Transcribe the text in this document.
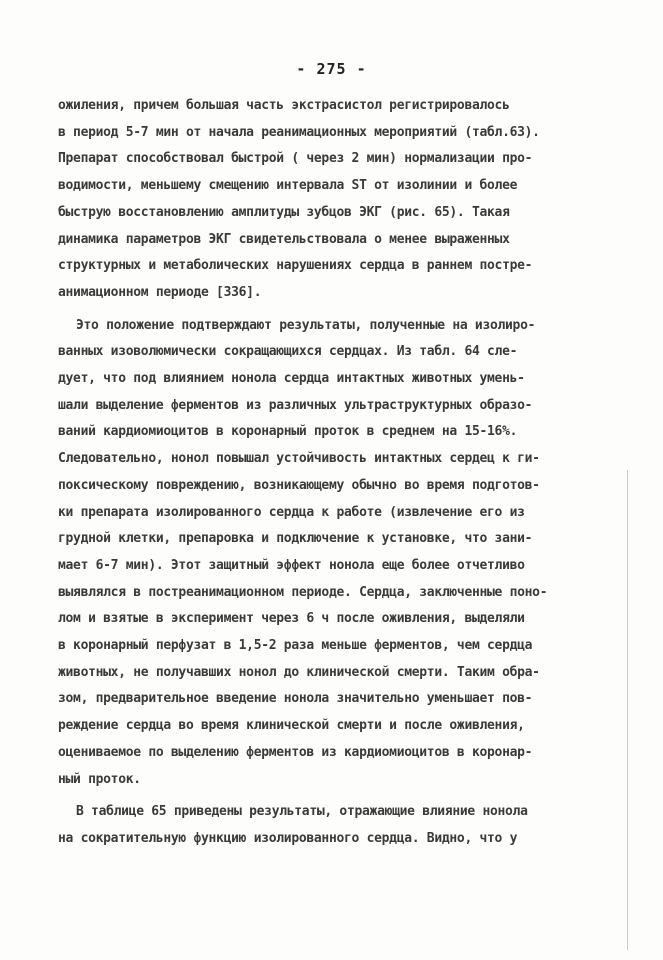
- 275 -

ожиления, причем большая часть экстрасистол регистрировалось
в период 5-7 мин от начала реанимационных мероприятий (табл.63).
Препарат способствовал быстрой ( через 2 мин) нормализации про-
водимости, меньшему смещению интервала ST от изолинии и более
быструю восстановлению амплитуды зубцов ЭКГ (рис. 65). Такая
динамика параметров ЭКГ свидетельствовала о менее выраженных
структурных и метаболических нарушениях сердца в раннем постре-
анимационном периоде [336].

Это положение подтверждают результаты, полученные на изолиро-
ванных изоволюмически сокращающихся сердцах. Из табл. 64 сле-
дует, что под влиянием нонола сердца интактных животных умень-
шали выделение ферментов из различных ультраструктурных образо-
ваний кардиомиоцитов в коронарный проток в среднем на 15-16%.
Следовательно, нонол повышал устойчивость интактных сердец к ги-
поксическому повреждению, возникающему обычно во время подготов-
ки препарата изолированного сердца к работе (извлечение его из
грудной клетки, препаровка и подключение к установке, что зани-
мает 6-7 мин). Этот защитный эффект нонола еще более отчетливо
выявлялся в постреанимационном периоде. Сердца, заключенные поно-
лом и взятые в эксперимент через 6 ч после оживления, выделяли
в коронарный перфузат в 1,5-2 раза меньше ферментов, чем сердца
животных, не получавших нонол до клинической смерти. Таким обра-
зом, предварительное введение нонола значительно уменьшает пов-
реждение сердца во время клинической смерти и после оживления,
оцениваемое по выделению ферментов из кардиомиоцитов в коронар-
ный проток.

В таблице 65 приведены результаты, отражающие влияние нонола
на сократительную функцию изолированного сердца. Видно, что у
